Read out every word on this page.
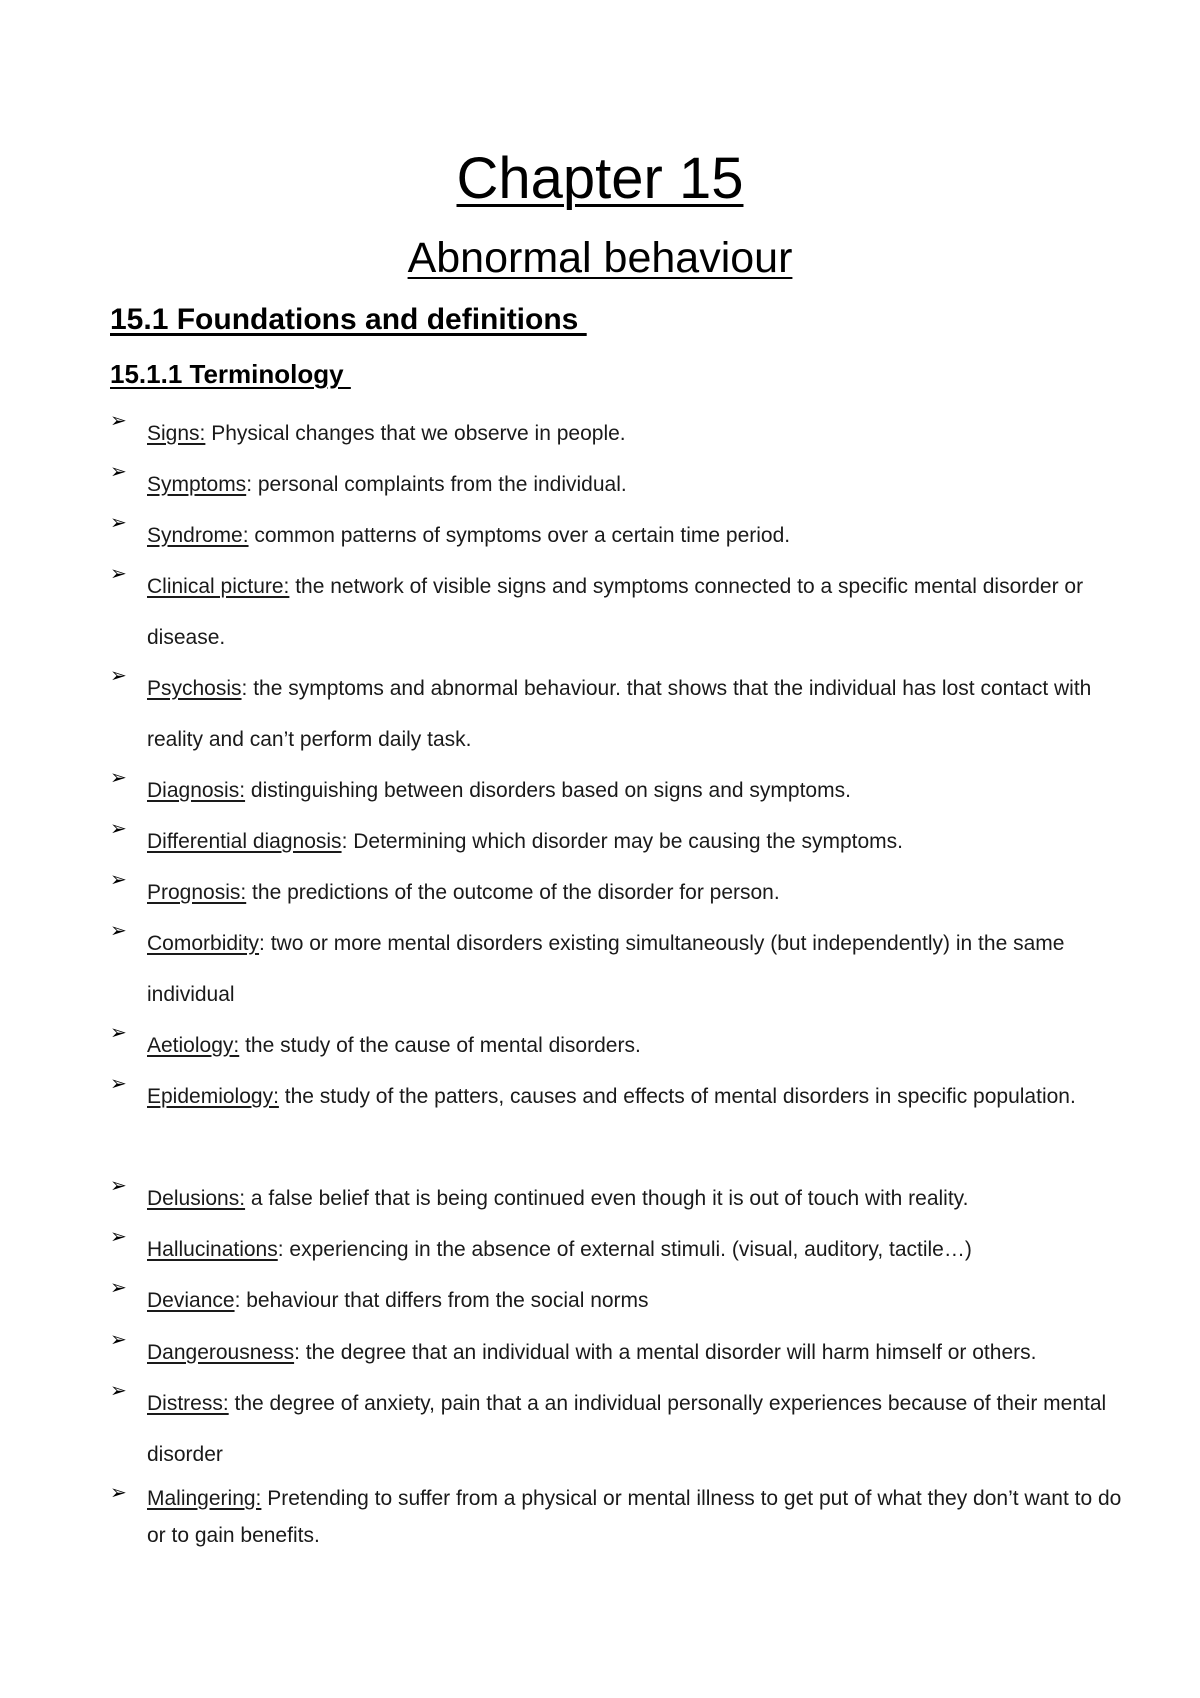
Chapter 15
Abnormal behaviour
15.1 Foundations and definitions
15.1.1 Terminology
➢
Signs: Physical changes that we observe in people.
➢
Symptoms: personal complaints from the individual.
➢
Syndrome: common patterns of symptoms over a certain time period.
➢
Clinical picture: the network of visible signs and symptoms connected to a specific mental disorder or disease.
➢
Psychosis: the symptoms and abnormal behaviour. that shows that the individual has lost contact with reality and can’t perform daily task.
➢
Diagnosis: distinguishing between disorders based on signs and symptoms.
➢
Differential diagnosis: Determining which disorder may be causing the symptoms.
➢
Prognosis: the predictions of the outcome of the disorder for person.
➢
Comorbidity: two or more mental disorders existing simultaneously (but independently) in the same individual
➢
Aetiology: the study of the cause of mental disorders.
➢
Epidemiology: the study of the patters, causes and effects of mental disorders in specific population.
➢
Delusions: a false belief that is being continued even though it is out of touch with reality.
➢
Hallucinations: experiencing in the absence of external stimuli. (visual, auditory, tactile…)
➢
Deviance: behaviour that differs from the social norms
➢
Dangerousness: the degree that an individual with a mental disorder will harm himself or others.
➢
Distress: the degree of anxiety, pain that a an individual personally experiences because of their mental disorder
➢ Malingering: Pretending to suffer from a physical or mental illness to get put of what they don’t want to do or to gain benefits.
